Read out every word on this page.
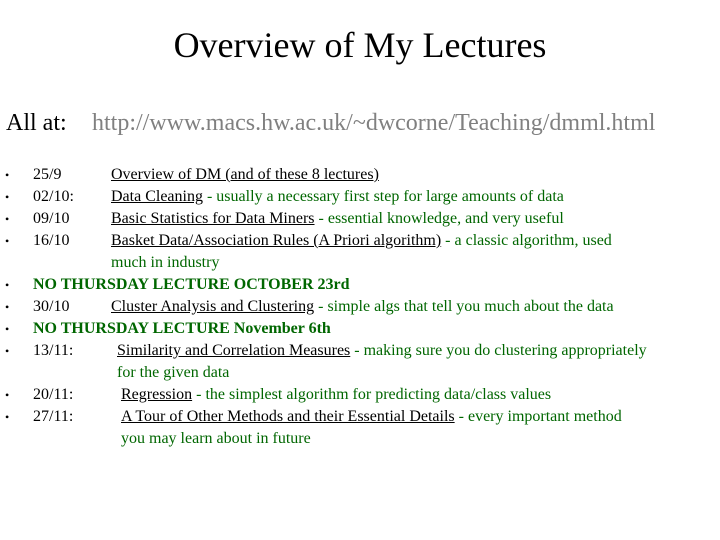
Overview of My Lectures
All at: http://www.macs.hw.ac.uk/~dwcorne/Teaching/dmml.html
• 25/9	Overview of DM (and of these 8 lectures)
• 02/10: Data Cleaning - usually a necessary first step for large amounts of data
• 09/10	Basic Statistics for Data Miners - essential knowledge, and very useful
• 16/10	Basket Data/Association Rules (A Priori algorithm) - a classic algorithm, used
much in industry
• NO THURSDAY LECTURE OCTOBER 23rd
• 30/10	Cluster Analysis and Clustering - simple algs that tell you much about the data
• NO THURSDAY LECTURE November 6th
• 13/11:	Similarity and Correlation Measures - making sure you do clustering appropriately
for the given data
• 20/11:	Regression - the simplest algorithm for predicting data/class values
• 27/11:	A Tour of Other Methods and their Essential Details - every important method
you may learn about in future
